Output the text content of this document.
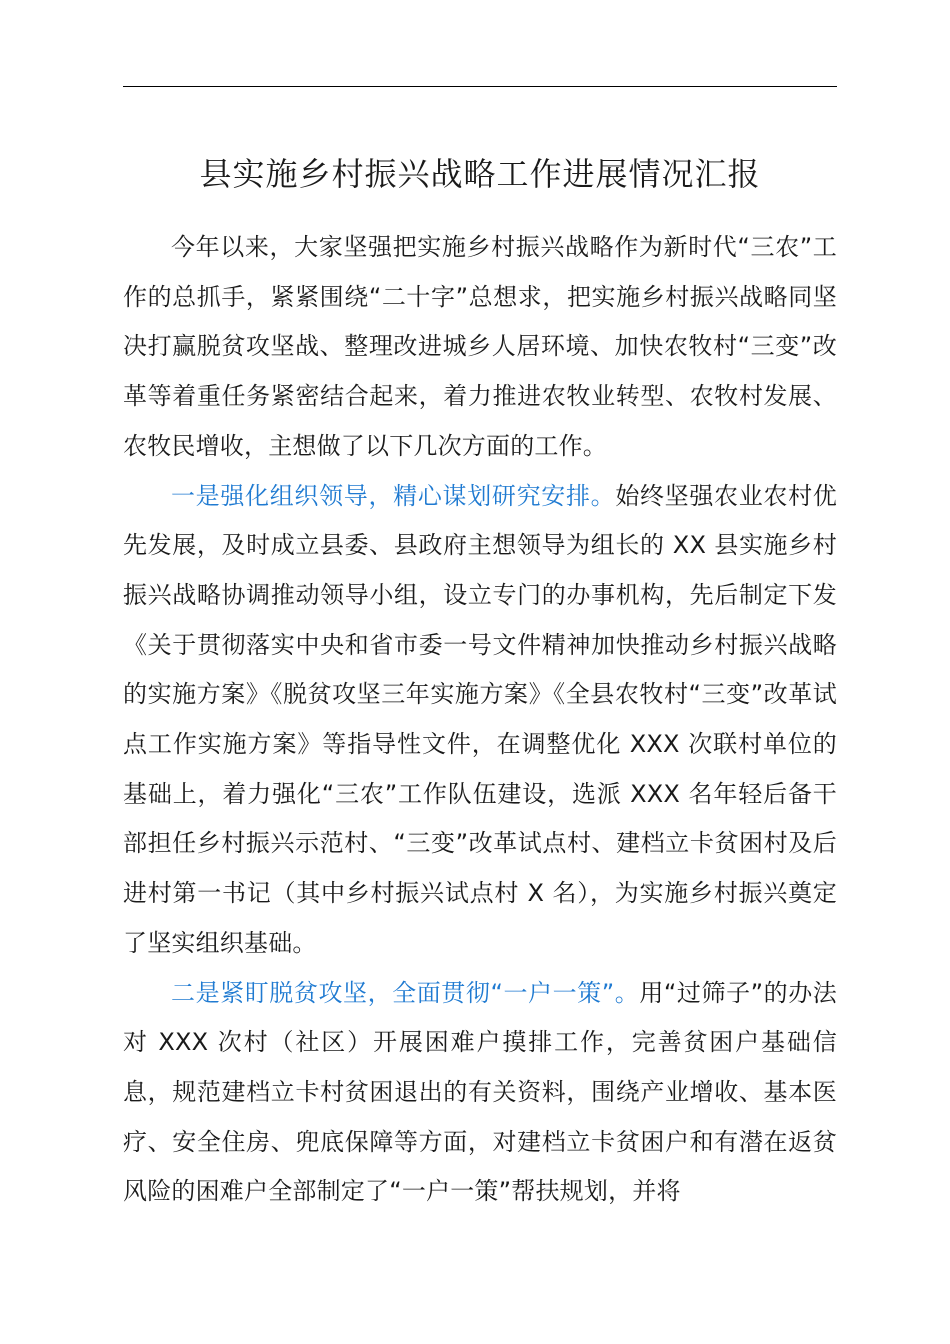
县实施乡村振兴战略工作进展情况汇报

今年以来，大家坚强把实施乡村振兴战略作为新时代“三农”工作的总抓手，紧紧围绕“二十字”总想求，把实施乡村振兴战略同坚决打赢脱贫攻坚战、整理改进城乡人居环境、加快农牧村“三变”改革等着重任务紧密结合起来，着力推进农牧业转型、农牧村发展、农牧民增收，主想做了以下几次方面的工作。

一是强化组织领导，精心谋划研究安排。始终坚强农业农村优先发展，及时成立县委、县政府主想领导为组长的 XX 县实施乡村振兴战略协调推动领导小组，设立专门的办事机构，先后制定下发《关于贯彻落实中央和省市委一号文件精神加快推动乡村振兴战略的实施方案》《脱贫攻坚三年实施方案》《全县农牧村“三变”改革试点工作实施方案》等指导性文件，在调整优化 XXX 次联村单位的基础上，着力强化“三农”工作队伍建设，选派 XXX 名年轻后备干部担任乡村振兴示范村、“三变”改革试点村、建档立卡贫困村及后进村第一书记（其中乡村振兴试点村 X 名），为实施乡村振兴奠定了坚实组织基础。

二是紧盯脱贫攻坚，全面贯彻“一户一策”。用“过筛子”的办法对 XXX 次村（社区）开展困难户摸排工作，完善贫困户基础信息，规范建档立卡村贫困退出的有关资料，围绕产业增收、基本医疗、安全住房、兜底保障等方面，对建档立卡贫困户和有潜在返贫风险的困难户全部制定了“一户一策”帮扶规划，并将
